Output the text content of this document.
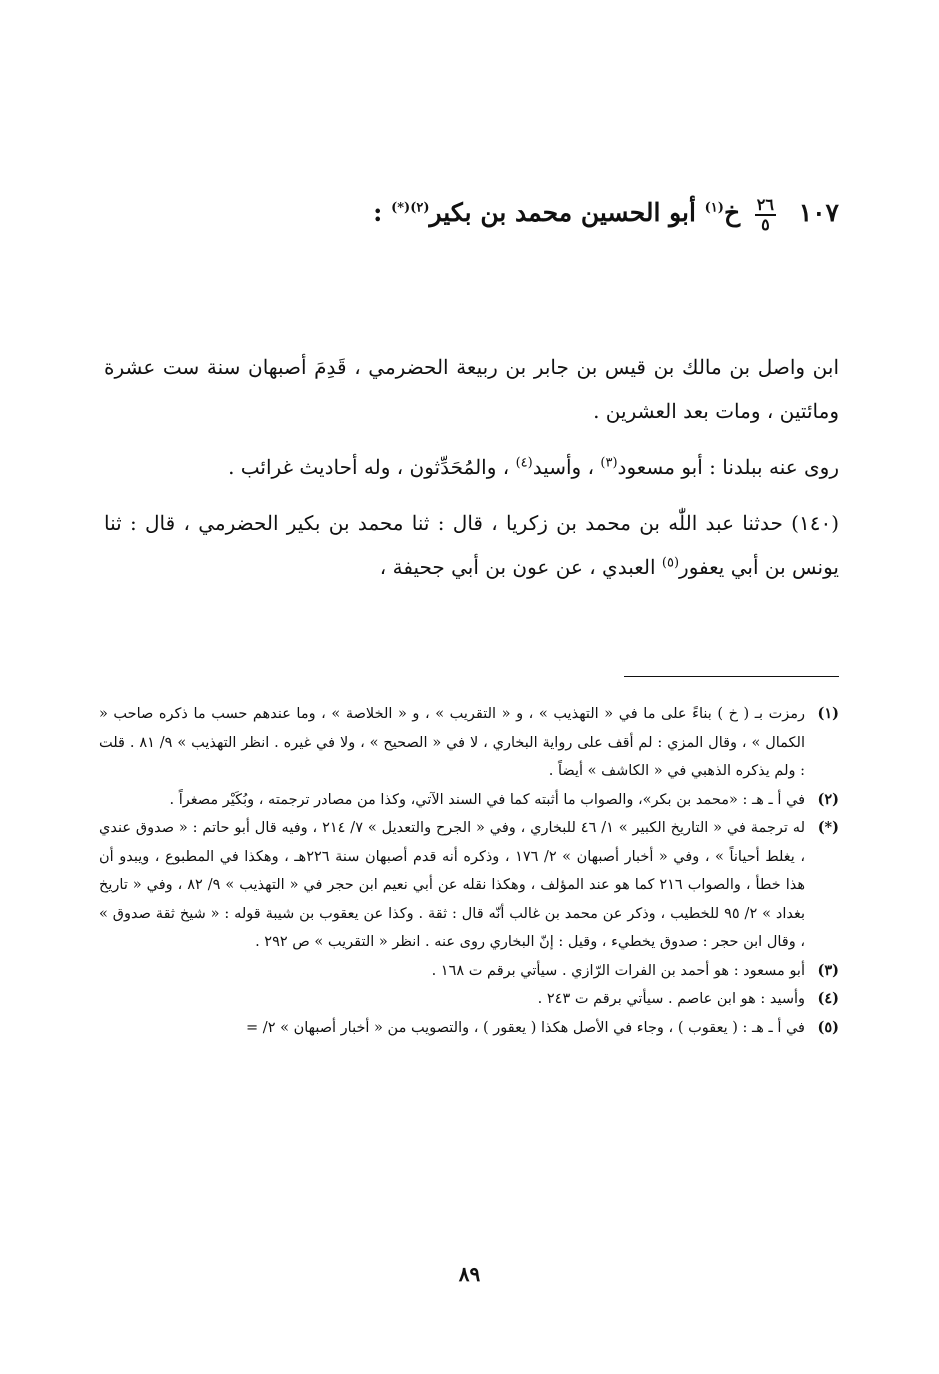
١٠٧
$\frac{٢٦}{٥}$
خ$^{(١)}$ أبو الحسين محمد بن بكير$^{(٢)(*)}$ :

ابن واصل بن مالك بن قيس بن جابر بن ربيعة الحضرمي ، قَدِمَ أصبهان سنة ست عشرة ومائتين ، ومات بعد العشرين .

روى عنه ببلدنا : أبو مسعود$^{(٣)}$ ، وأسيد$^{(٤)}$ ، والمُحَدِّثون ، وله أحاديث غرائب .

(١٤٠) حدثنا عبد اللّٰه بن محمد بن زكريا ، قال : ثنا محمد بن بكير الحضرمي ، قال : ثنا يونس بن أبي يعفور$^{(٥)}$ العبدي ، عن عون بن أبي جحيفة ،

(١)
رمزت بـ ( خ ) بناءً على ما في « التهذيب » ، و « التقريب » ، و « الخلاصة » ، وما عندهم حسب ما ذكره صاحب « الكمال » ، وقال المزي : لم أقف على رواية البخاري ، لا في « الصحيح » ، ولا في غيره . انظر التهذيب » ٩/ ٨١ . قلت : ولم يذكره الذهبي في « الكاشف » أيضاً .
(٢)
في أ ـ هـ : «محمد بن بكر»، والصواب ما أثبته كما في السند الآتي، وكذا من مصادر ترجمته ، وبُكَيْر مصغراً .
(*)
له ترجمة في « التاريخ الكبير » ١/ ٤٦ للبخاري ، وفي « الجرح والتعديل » ٧/ ٢١٤ ، وفيه قال أبو حاتم : « صدوق عندي ، يغلط أحياناً » ، وفي « أخبار أصبهان » ٢/ ١٧٦ ، وذكره أنه قدم أصبهان سنة ٢٢٦هـ ، وهكذا في المطبوع ، ويبدو أن هذا خطأ ، والصواب ٢١٦ كما هو عند المؤلف ، وهكذا نقله عن أبي نعيم ابن حجر في « التهذيب » ٩/ ٨٢ ، وفي « تاريخ بغداد » ٢/ ٩٥ للخطيب ، وذكر عن محمد بن غالب أنّه قال : ثقة . وكذا عن يعقوب بن شيبة قوله : « شيخ ثقة صدوق » ، وقال ابن حجر : صدوق يخطيء ، وقيل : إنّ البخاري روى عنه . انظر « التقريب » ص ٢٩٢ .
(٣)
أبو مسعود : هو أحمد بن الفرات الرّازي . سيأتي برقم ت ١٦٨ .
(٤)
وأسيد : هو ابن عاصم . سيأتي برقم ت ٢٤٣ .
(٥)
في أ ـ هـ : ( يعقوب ) ، وجاء في الأصل هكذا ( يعقور ) ، والتصويب من « أخبار أصبهان » ٢/ =
٨٩
